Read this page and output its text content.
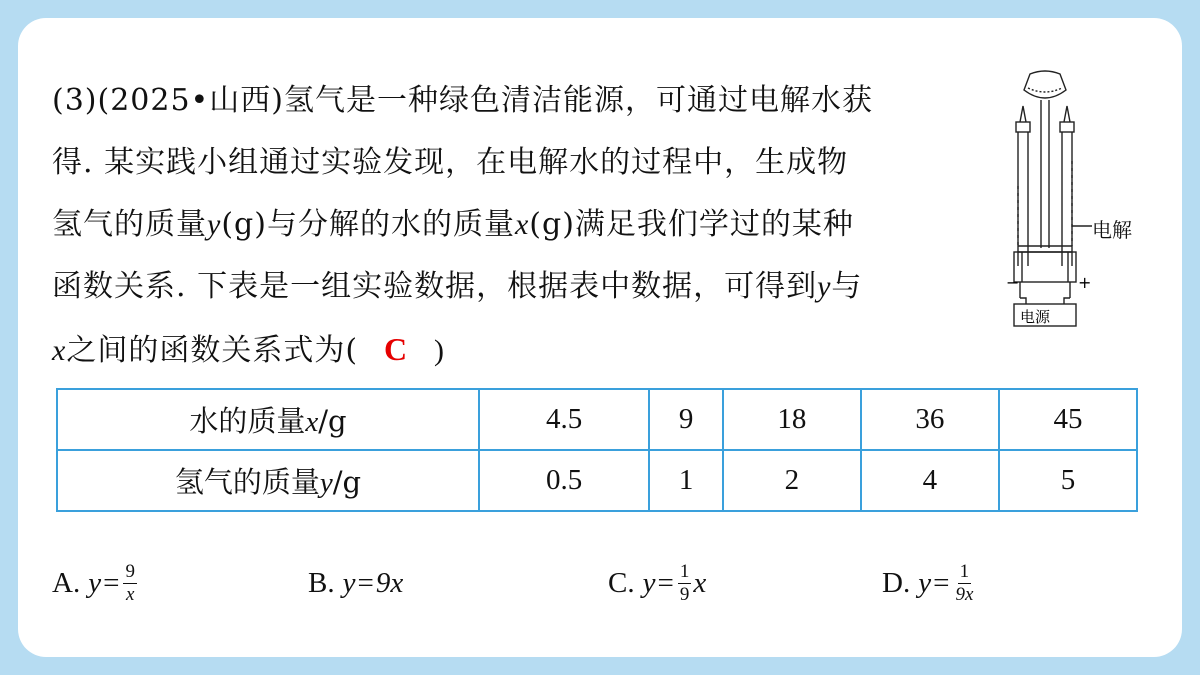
(3)(2025•山西)氢气是一种绿色清洁能源，可通过电解水获
得. 某实践小组通过实验发现，在电解水的过程中，生成物
氢气的质量y(g)与分解的水的质量x(g)满足我们学过的某种
函数关系. 下表是一组实验数据，根据表中数据，可得到y与
x之间的函数关系式为( C )
−	+
电源
电解
水的质量x/g	4.5	9	18	36	45
氢气的质量y/g	0.5	1	2	4	5
A. $y = \frac{9}{x}$	B. y = 9x	C. $y = \frac{1}{9}$ x	D. $y = \frac{1}{9x}$
